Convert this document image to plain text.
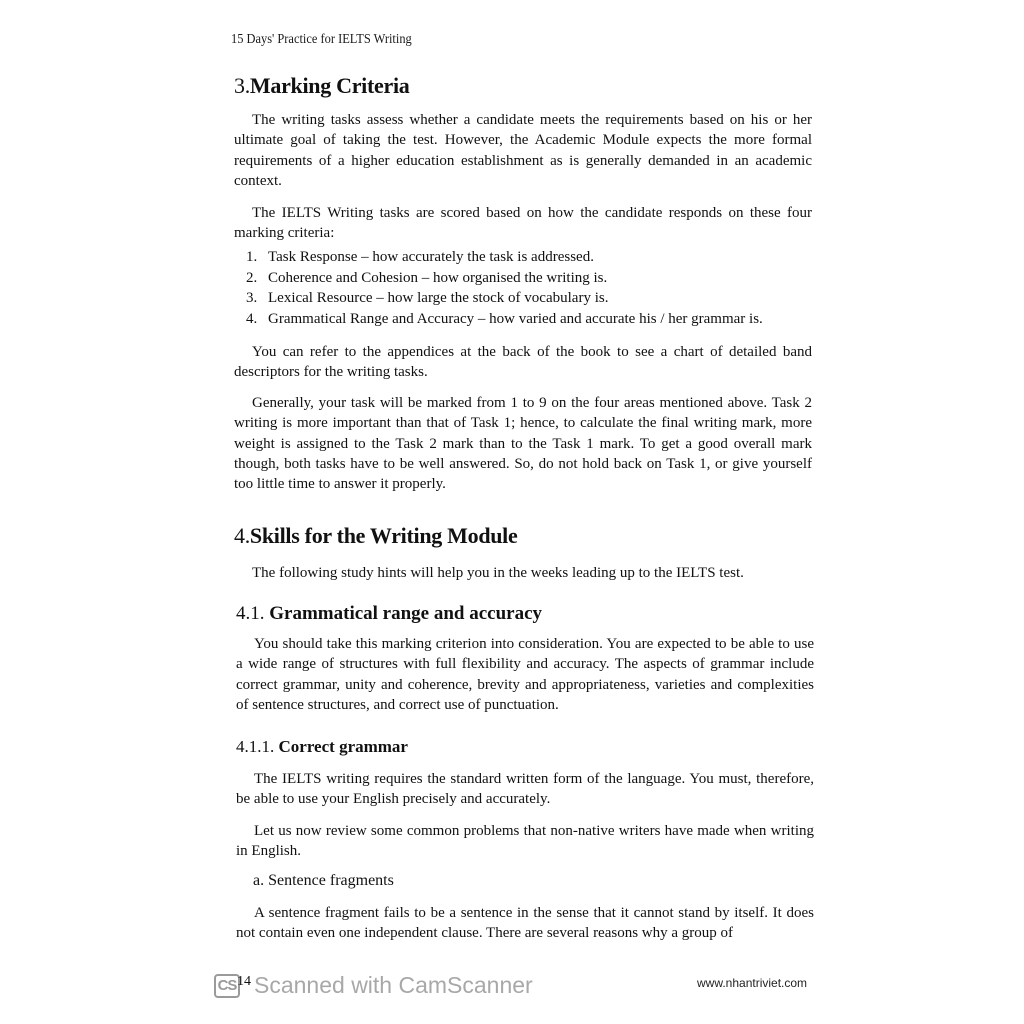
15 Days' Practice for IELTS Writing
3.Marking Criteria

The writing tasks assess whether a candidate meets the requirements based on his or her ultimate goal of taking the test. However, the Academic Module expects the more formal requirements of a higher education establishment as is generally demanded in an academic context.

The IELTS Writing tasks are scored based on how the candidate responds on these four marking criteria:

1. Task Response – how accurately the task is addressed.
2. Coherence and Cohesion – how organised the writing is.
3. Lexical Resource – how large the stock of vocabulary is.
4. Grammatical Range and Accuracy – how varied and accurate his / her grammar is.

You can refer to the appendices at the back of the book to see a chart of detailed band descriptors for the writing tasks.

Generally, your task will be marked from 1 to 9 on the four areas mentioned above. Task 2 writing is more important than that of Task 1; hence, to calculate the final writing mark, more weight is assigned to the Task 2 mark than to the Task 1 mark. To get a good overall mark though, both tasks have to be well answered. So, do not hold back on Task 1, or give yourself too little time to answer it properly.

4.Skills for the Writing Module

The following study hints will help you in the weeks leading up to the IELTS test.

4.1. Grammatical range and accuracy

You should take this marking criterion into consideration. You are expected to be able to use a wide range of structures with full flexibility and accuracy. The aspects of grammar include correct grammar, unity and coherence, brevity and appropriateness, varieties and complexities of sentence structures, and correct use of punctuation.

4.1.1. Correct grammar

The IELTS writing requires the standard written form of the language. You must, therefore, be able to use your English precisely and accurately.

Let us now review some common problems that non-native writers have made when writing in English.

a. Sentence fragments

A sentence fragment fails to be a sentence in the sense that it cannot stand by itself. It does not contain even one independent clause. There are several reasons why a group of

CS 14 Scanned with CamScanner	www.nhantriviet.com
